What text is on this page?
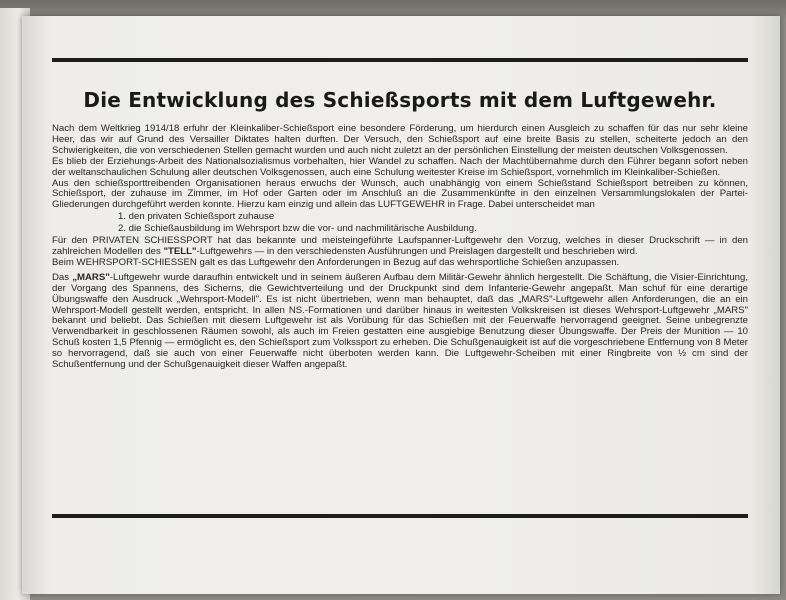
Die Entwicklung des Schießsports mit dem Luftgewehr.

Nach dem Weltkrieg 1914/18 erfuhr der Kleinkaliber-Schießsport eine besondere Förderung, um hierdurch einen Ausgleich zu schaffen für das nur sehr kleine Heer, das wir auf Grund des Versailler Diktates halten durften. Der Versuch, den Schießsport auf eine breite Basis zu stellen, scheiterte jedoch an den Schwierigkeiten, die von verschiedenen Stellen gemacht wurden und auch nicht zuletzt an der persönlichen Einstellung der meisten deutschen Volksgenossen.

Es blieb der Erziehungs-Arbeit des Nationalsozialismus vorbehalten, hier Wandel zu schaffen. Nach der Machtübernahme durch den Führer begann sofort neben der weltanschaulichen Schulung aller deutschen Volksgenossen, auch eine Schulung weitester Kreise im Schießsport, vornehmlich im Kleinkaliber-Schießen.

Aus den schießsporttreibenden Organisationen heraus erwuchs der Wunsch, auch unabhängig von einem Schießstand Schießsport betreiben zu können, Schießsport, der zuhause im Zimmer, im Hof oder Garten oder im Anschluß an die Zusammenkünfte in den einzelnen Versammlungslokalen der Partei-Gliederungen durchgeführt werden konnte. Hierzu kam einzig und allein das LUFTGEWEHR in Frage. Dabei unterscheidet man

1. den privaten Schießsport zuhause
2. die Schießausbildung im Wehrsport bzw die vor- und nachmilitärische Ausbildung.

Für den PRIVATEN SCHIESSPORT hat das bekannte und meisteingeführte Laufspanner-Luftgewehr den Vorzug, welches in dieser Druckschrift — in den zahlreichen Modellen des "TELL"-Luftgewehrs — in den verschiedensten Ausführungen und Preislagen dargestellt und beschrieben wird.

Beim WEHRSPORT-SCHIESSEN galt es das Luftgewehr den Anforderungen in Bezug auf das wehrsportliche Schießen anzupassen.

Das „MARS"-Luftgewehr wurde daraufhin entwickelt und in seinem äußeren Aufbau dem Militär-Gewehr ähnlich hergestellt. Die Schäftung, die Visier-Einrichtung, der Vorgang des Spannens, des Sicherns, die Gewichtverteilung und der Druckpunkt sind dem Infanterie-Gewehr angepaßt. Man schuf für eine derartige Übungswaffe den Ausdruck „Wehrsport-Modell". Es ist nicht übertrieben, wenn man behauptet, daß das „MARS"-Luftgewehr allen Anforderungen, die an ein Wehrsport-Modell gestellt werden, entspricht. In allen NS.-Formationen und darüber hinaus in weitesten Volkskreisen ist dieses Wehrsport-Luftgewehr „MARS" bekannt und beliebt. Das Schießen mit diesem Luftgewehr ist als Vorübung für das Schießen mit der Feuerwaffe hervorragend geeignet. Seine unbegrenzte Verwendbarkeit in geschlossenen Räumen sowohl, als auch im Freien gestatten eine ausgiebige Benutzung dieser Übungswaffe. Der Preis der Munition — 10 Schuß kosten 1,5 Pfennig — ermöglicht es, den Schießsport zum Volkssport zu erheben. Die Schußgenauigkeit ist auf die vorgeschriebene Entfernung von 8 Meter so hervorragend, daß sie auch von einer Feuerwaffe nicht überboten werden kann. Die Luftgewehr-Scheiben mit einer Ringbreite von ½ cm sind der Schußentfernung und der Schußgenauigkeit dieser Waffen angepaßt.
